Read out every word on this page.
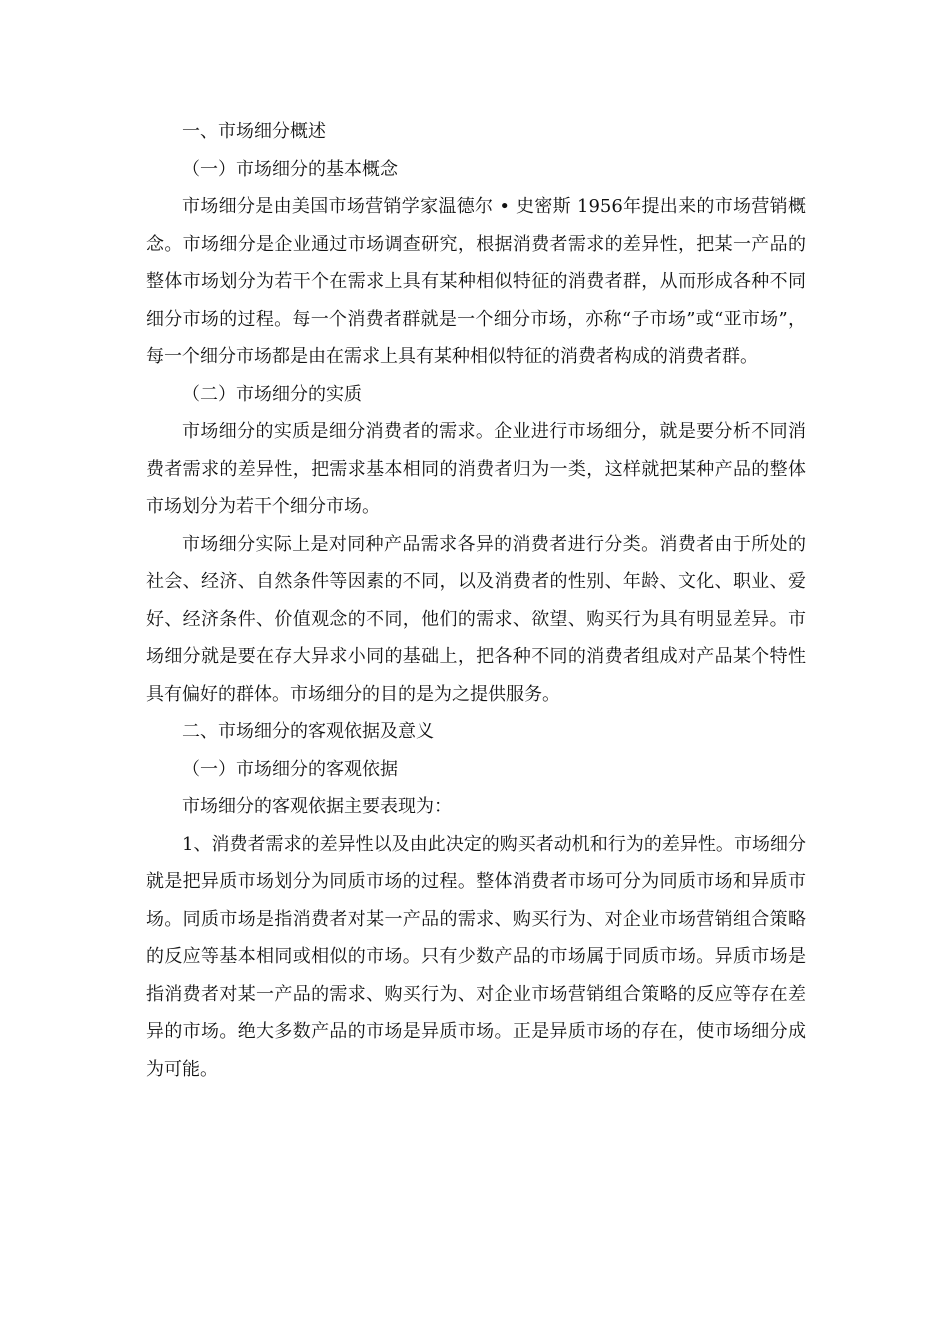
一、市场细分概述

（一）市场细分的基本概念

市场细分是由美国市场营销学家温德尔 • 史密斯 1956年提出来的市场营销概念。市场细分是企业通过市场调查研究，根据消费者需求的差异性，把某一产品的整体市场划分为若干个在需求上具有某种相似特征的消费者群，从而形成各种不同细分市场的过程。每一个消费者群就是一个细分市场，亦称“子市场”或“亚市场”，每一个细分市场都是由在需求上具有某种相似特征的消费者构成的消费者群。

（二）市场细分的实质

市场细分的实质是细分消费者的需求。企业进行市场细分，就是要分析不同消费者需求的差异性，把需求基本相同的消费者归为一类，这样就把某种产品的整体市场划分为若干个细分市场。

市场细分实际上是对同种产品需求各异的消费者进行分类。消费者由于所处的社会、经济、自然条件等因素的不同，以及消费者的性别、年龄、文化、职业、爱好、经济条件、价值观念的不同，他们的需求、欲望、购买行为具有明显差异。市场细分就是要在存大异求小同的基础上，把各种不同的消费者组成对产品某个特性具有偏好的群体。市场细分的目的是为之提供服务。

二、市场细分的客观依据及意义

（一）市场细分的客观依据

市场细分的客观依据主要表现为：

1、消费者需求的差异性以及由此决定的购买者动机和行为的差异性。市场细分就是把异质市场划分为同质市场的过程。整体消费者市场可分为同质市场和异质市场。同质市场是指消费者对某一产品的需求、购买行为、对企业市场营销组合策略的反应等基本相同或相似的市场。只有少数产品的市场属于同质市场。异质市场是指消费者对某一产品的需求、购买行为、对企业市场营销组合策略的反应等存在差异的市场。绝大多数产品的市场是异质市场。正是异质市场的存在，使市场细分成为可能。
